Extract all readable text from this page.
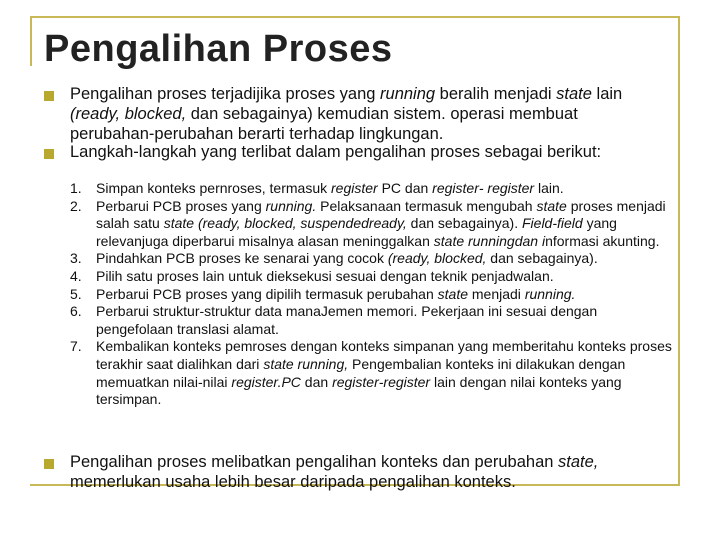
Pengalihan Proses
Pengalihan proses terjadijika proses yang running beralih menjadi state lain (ready, blocked, dan sebagainya) kemudian sistem. operasi membuat perubahan‑perubahan berarti terhadap lingkungan.
Langkah‑langkah yang terlibat dalam pengalihan proses sebagai berikut:
1.	Simpan konteks pernroses, termasuk register PC dan register‑ register lain.
2.	Perbarui PCB proses yang running. Pelaksanaan termasuk mengubah state proses menjadi salah satu state (ready, blocked, suspendedready, dan sebagainya). Field‑field yang relevanjuga diperbarui misalnya alasan meninggalkan state runningdan informasi akunting.
3.	Pindahkan PCB proses ke senarai yang cocok (ready, blocked, dan sebagainya).
4.	Pilih satu proses lain untuk dieksekusi sesuai dengan teknik penjadwalan.
5.	Perbarui PCB proses yang dipilih termasuk perubahan state menjadi running.
6.	Perbarui struktur‑struktur data manaJemen memori. Pekerjaan ini sesuai dengan pengefolaan translasi alamat.
7.	Kembalikan konteks pemroses dengan konteks simpanan yang memberitahu konteks proses terakhir saat dialihkan dari state running, Pengembalian konteks ini dilakukan dengan memuatkan nilai‑nilai register.PC dan register‑register lain dengan nilai konteks yang tersimpan.
Pengalihan proses melibatkan pengalihan konteks dan perubahan state, memerlukan usaha lebih besar daripada pengalihan konteks.
